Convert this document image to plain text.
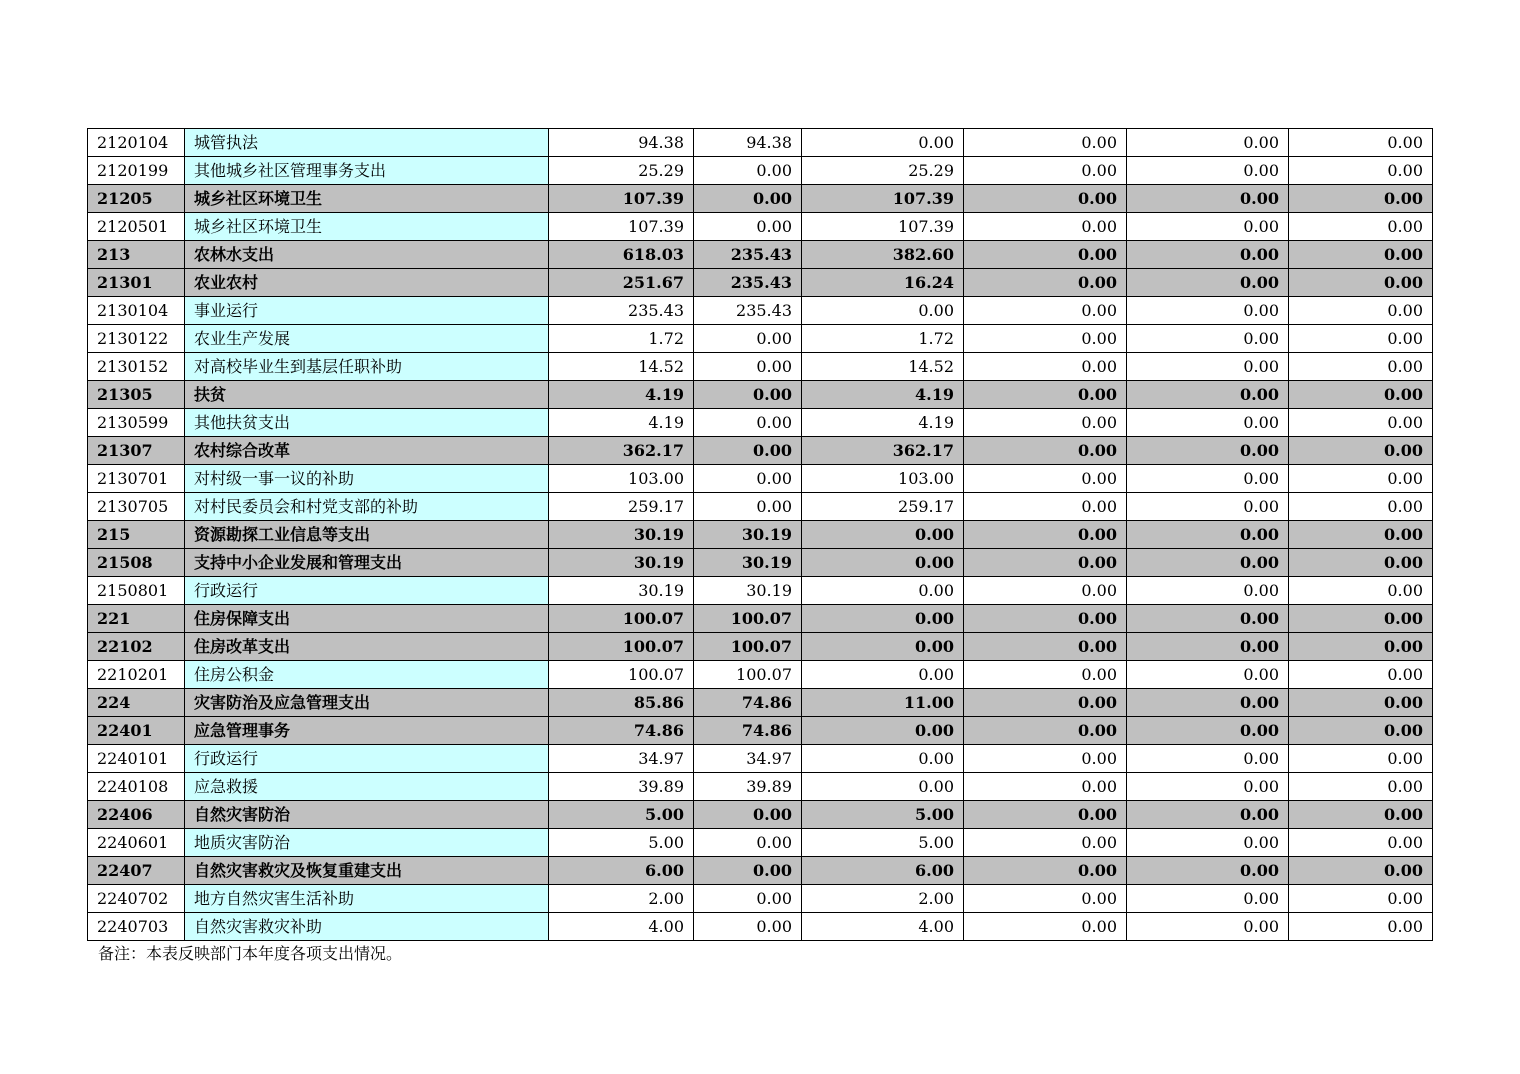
2120104	城管执法	94.38	94.38	0.00	0.00	0.00	0.00
2120199	其他城乡社区管理事务支出	25.29	0.00	25.29	0.00	0.00	0.00
21205	城乡社区环境卫生	107.39	0.00	107.39	0.00	0.00	0.00
2120501	城乡社区环境卫生	107.39	0.00	107.39	0.00	0.00	0.00
213	农林水支出	618.03	235.43	382.60	0.00	0.00	0.00
21301	农业农村	251.67	235.43	16.24	0.00	0.00	0.00
2130104	事业运行	235.43	235.43	0.00	0.00	0.00	0.00
2130122	农业生产发展	1.72	0.00	1.72	0.00	0.00	0.00
2130152	对高校毕业生到基层任职补助	14.52	0.00	14.52	0.00	0.00	0.00
21305	扶贫	4.19	0.00	4.19	0.00	0.00	0.00
2130599	其他扶贫支出	4.19	0.00	4.19	0.00	0.00	0.00
21307	农村综合改革	362.17	0.00	362.17	0.00	0.00	0.00
2130701	对村级一事一议的补助	103.00	0.00	103.00	0.00	0.00	0.00
2130705	对村民委员会和村党支部的补助	259.17	0.00	259.17	0.00	0.00	0.00
215	资源勘探工业信息等支出	30.19	30.19	0.00	0.00	0.00	0.00
21508	支持中小企业发展和管理支出	30.19	30.19	0.00	0.00	0.00	0.00
2150801	行政运行	30.19	30.19	0.00	0.00	0.00	0.00
221	住房保障支出	100.07	100.07	0.00	0.00	0.00	0.00
22102	住房改革支出	100.07	100.07	0.00	0.00	0.00	0.00
2210201	住房公积金	100.07	100.07	0.00	0.00	0.00	0.00
224	灾害防治及应急管理支出	85.86	74.86	11.00	0.00	0.00	0.00
22401	应急管理事务	74.86	74.86	0.00	0.00	0.00	0.00
2240101	行政运行	34.97	34.97	0.00	0.00	0.00	0.00
2240108	应急救援	39.89	39.89	0.00	0.00	0.00	0.00
22406	自然灾害防治	5.00	0.00	5.00	0.00	0.00	0.00
2240601	地质灾害防治	5.00	0.00	5.00	0.00	0.00	0.00
22407	自然灾害救灾及恢复重建支出	6.00	0.00	6.00	0.00	0.00	0.00
2240702	地方自然灾害生活补助	2.00	0.00	2.00	0.00	0.00	0.00
2240703	自然灾害救灾补助	4.00	0.00	4.00	0.00	0.00	0.00
备注：本表反映部门本年度各项支出情况。
